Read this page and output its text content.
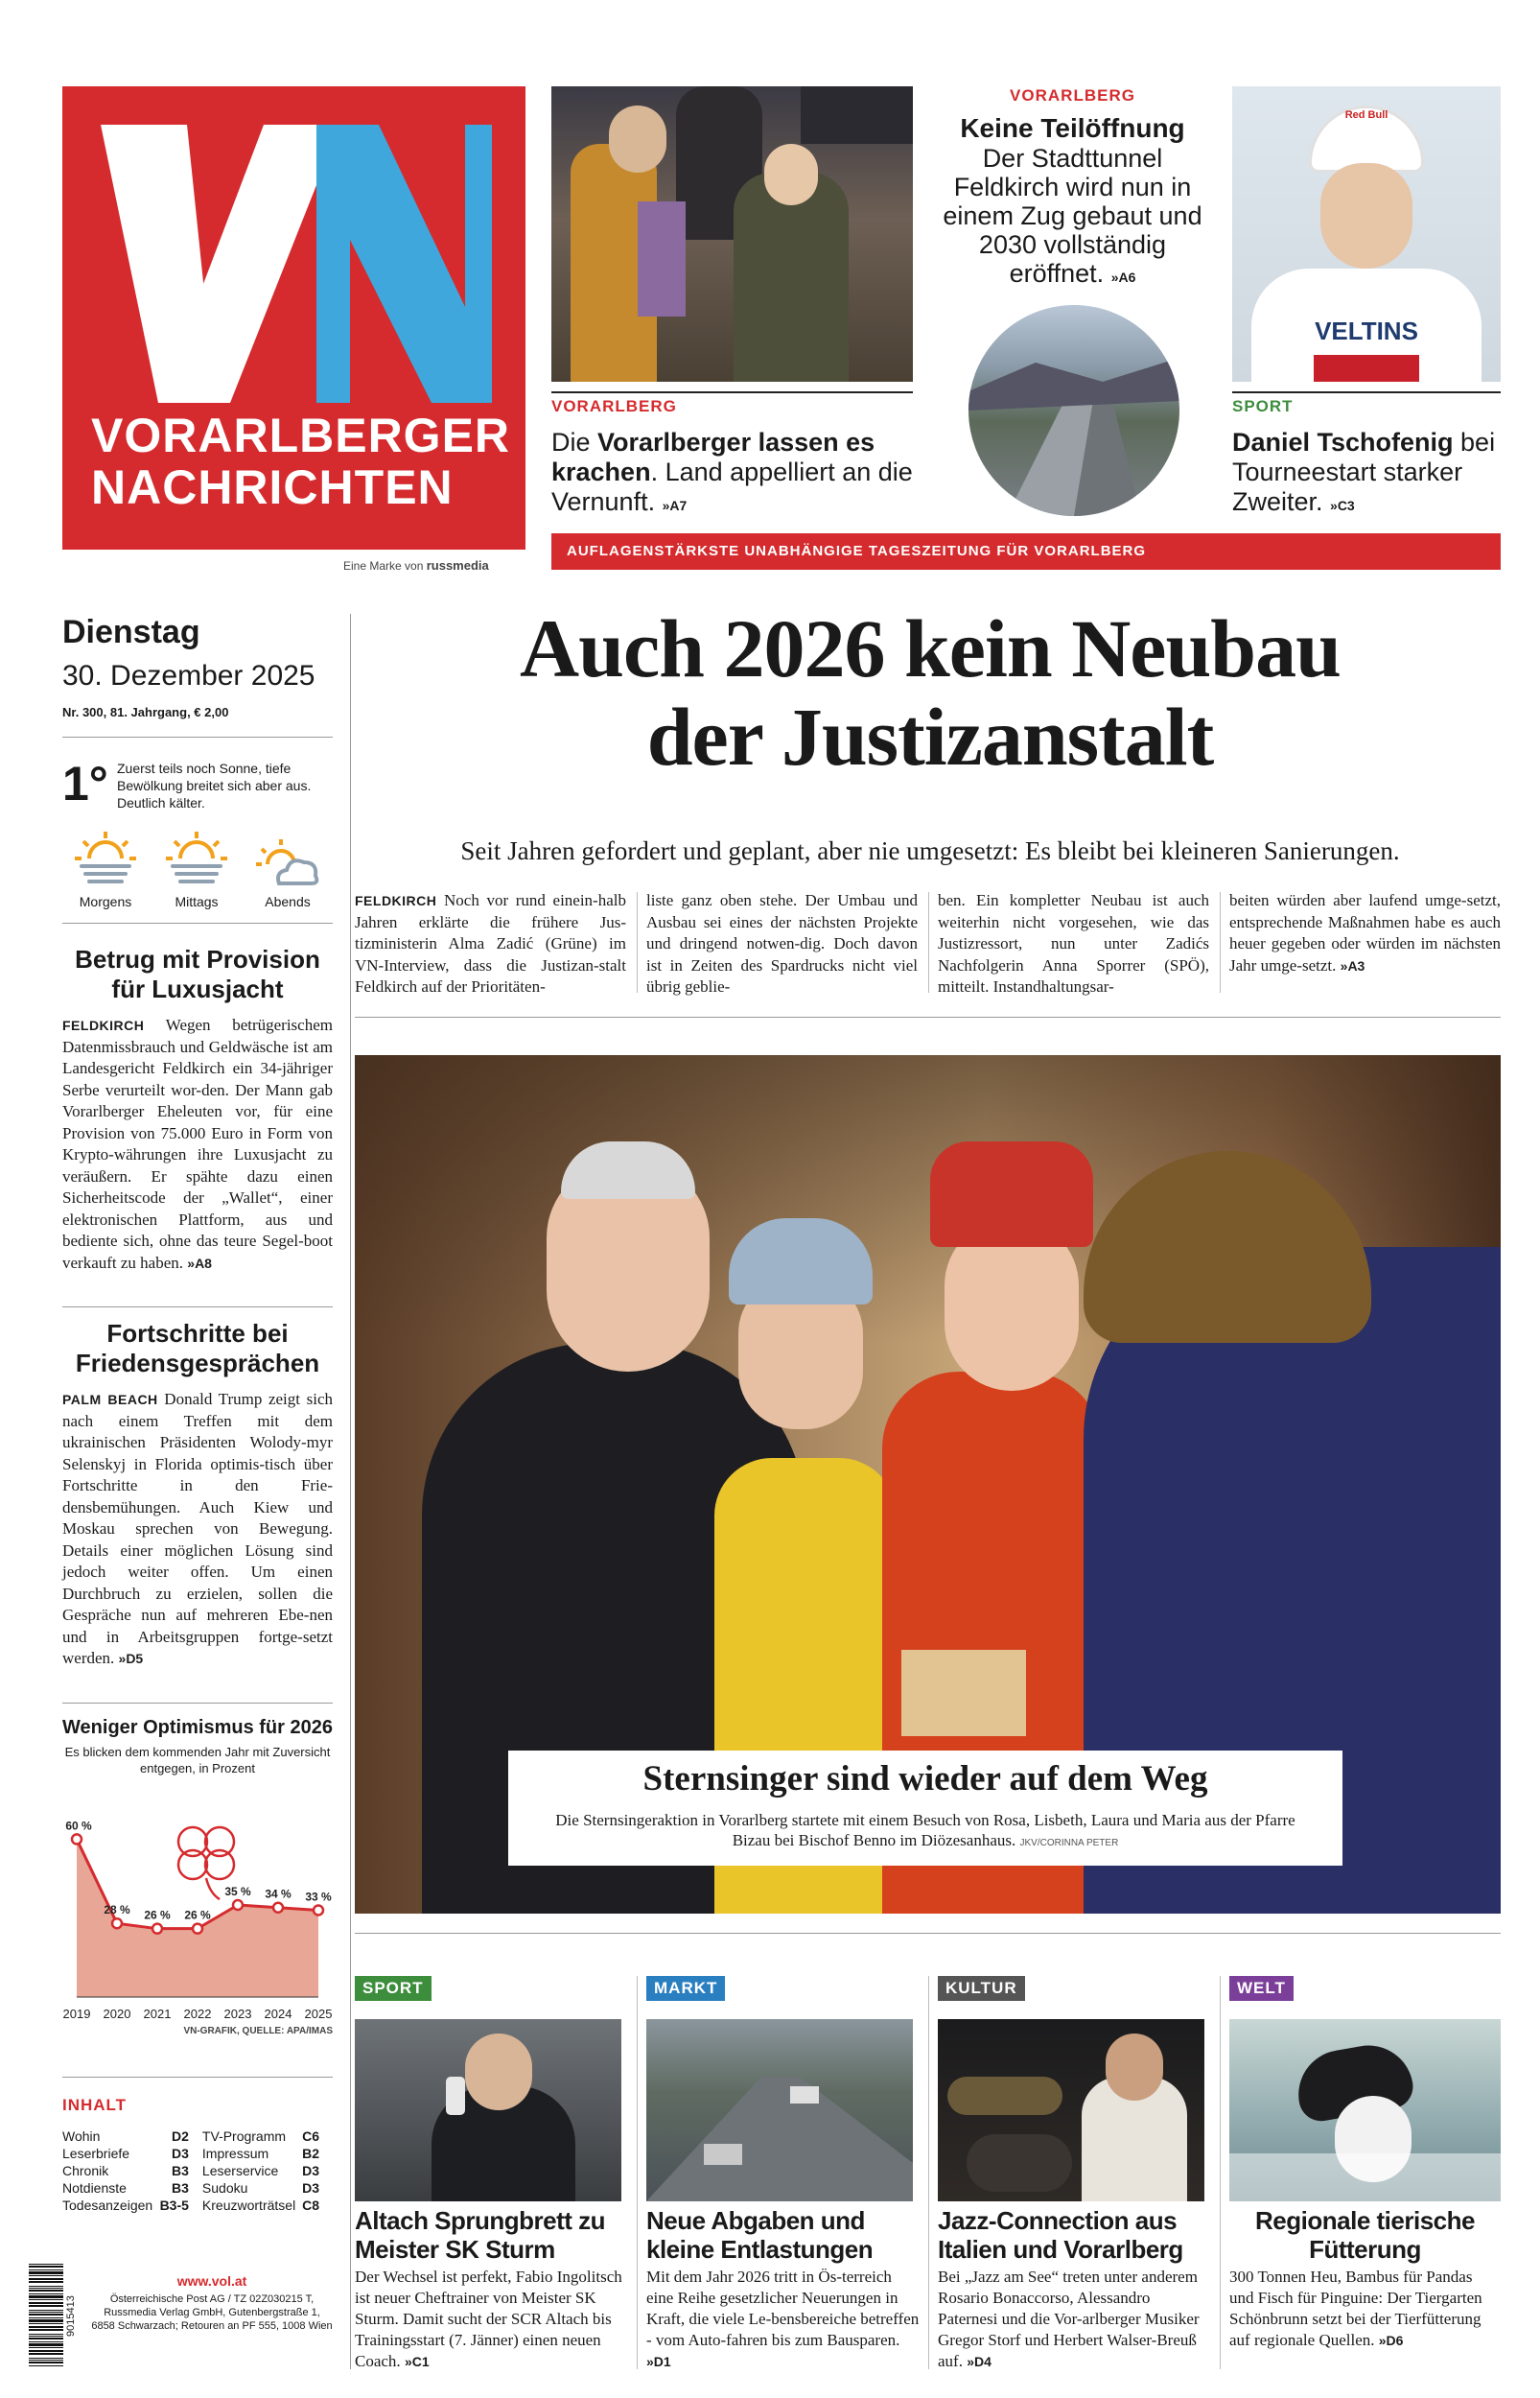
VORARLBERGER
NACHRICHTEN
Eine Marke von russmedia
VORARLBERG
Die Vorarlberger lassen es krachen. Land appelliert an die Vernunft. »A7
VORARLBERG
Keine Teilöffnung
Der Stadttunnel Feldkirch wird nun in einem Zug gebaut und 2030 vollständig eröffnet. »A6
Red Bull
VELTINS
SPORT
Daniel Tschofenig bei Tourneestart starker Zweiter. »C3
AUFLAGENSTÄRKSTE UNABHÄNGIGE TAGESZEITUNG FÜR VORARLBERG
Dienstag
30. Dezember 2025
Nr. 300, 81. Jahrgang, € 2,00
1° Zuerst teils noch Sonne, tiefe Bewölkung breitet sich aber aus. Deutlich kälter.
Morgens	Mittags	Abends
Betrug mit Provision für Luxusjacht
FELDKIRCH Wegen betrügerischem Datenmissbrauch und Geldwäsche ist am Landesgericht Feldkirch ein 34-jähriger Serbe verurteilt wor-den. Der Mann gab Vorarlberger Eheleuten vor, für eine Provision von 75.000 Euro in Form von Krypto-währungen ihre Luxusjacht zu veräußern. Er spähte dazu einen Sicherheitscode der „Wallet“, einer elektronischen Plattform, aus und bediente sich, ohne das teure Segel-boot verkauft zu haben. »A8
Fortschritte bei Friedensgesprächen
PALM BEACH Donald Trump zeigt sich nach einem Treffen mit dem ukrainischen Präsidenten Wolody-myr Selenskyj in Florida optimis-tisch über Fortschritte in den Frie-densbemühungen. Auch Kiew und Moskau sprechen von Bewegung. Details einer möglichen Lösung sind jedoch weiter offen. Um einen Durchbruch zu erzielen, sollen die Gespräche nun auf mehreren Ebe-nen und in Arbeitsgruppen fortge-setzt werden. »D5
Weniger Optimismus für 2026
Es blicken dem kommenden Jahr mit Zuversicht entgegen, in Prozent
60 %
2019
28 %
2020
26 %
2021
26 %
2022
35 %
2023
34 %
2024
33 %
2025
VN-GRAFIK, QUELLE: APA/IMAS
INHALT
Wohin	D2	TV-Programm	C6
Leserbriefe	D3	Impressum	B2
Chronik	B3	Leserservice	D3
Notdienste	B3	Sudoku	D3
Todesanzeigen	B3-5	Kreuzworträtsel	C8
www.vol.at
Österreichische Post AG / TZ 02Z030215 T, Russmedia Verlag GmbH, Gutenbergstraße 1, 6858 Schwarzach; Retouren an PF 555, 1008 Wien
9015413
Auch 2026 kein Neubau
der Justizanstalt
Seit Jahren gefordert und geplant, aber nie umgesetzt: Es bleibt bei kleineren Sanierungen.
FELDKIRCH Noch vor rund einein-halb Jahren erklärte die frühere Jus-tizministerin Alma Zadić (Grüne) im VN-Interview, dass die Justizan-stalt Feldkirch auf der Prioritäten-
liste ganz oben stehe. Der Umbau und Ausbau sei eines der nächsten Projekte und dringend notwen-dig. Doch davon ist in Zeiten des Spardrucks nicht viel übrig geblie-
ben. Ein kompletter Neubau ist auch weiterhin nicht vorgesehen, wie das Justizressort, nun unter Zadićs Nachfolgerin Anna Sporrer (SPÖ), mitteilt. Instandhaltungsar-
beiten würden aber laufend umge-setzt, entsprechende Maßnahmen habe es auch heuer gegeben oder würden im nächsten Jahr umge-setzt. »A3
Sternsinger sind wieder auf dem Weg
Die Sternsingeraktion in Vorarlberg startete mit einem Besuch von Rosa, Lisbeth, Laura und Maria aus der Pfarre Bizau bei Bischof Benno im Diözesanhaus. JKV/CORINNA PETER
SPORT
Altach Sprungbrett zu Meister SK Sturm
Der Wechsel ist perfekt, Fabio Ingolitsch ist neuer Cheftrainer von Meister SK Sturm. Damit sucht der SCR Altach bis Trainingsstart (7. Jänner) einen neuen Coach. »C1
MARKT
Neue Abgaben und kleine Entlastungen
Mit dem Jahr 2026 tritt in Ös-terreich eine Reihe gesetzlicher Neuerungen in Kraft, die viele Le-bensbereiche betreffen - vom Auto-fahren bis zum Bausparen. »D1
KULTUR
Jazz-Connection aus Italien und Vorarlberg
Bei „Jazz am See“ treten unter anderem Rosario Bonaccorso, Alessandro Paternesi und die Vor-arlberger Musiker Gregor Storf und Herbert Walser-Breuß auf. »D4
WELT
Regionale tierische Fütterung
300 Tonnen Heu, Bambus für Pandas und Fisch für Pinguine: Der Tiergarten Schönbrunn setzt bei der Tierfütterung auf regionale Quellen. »D6
